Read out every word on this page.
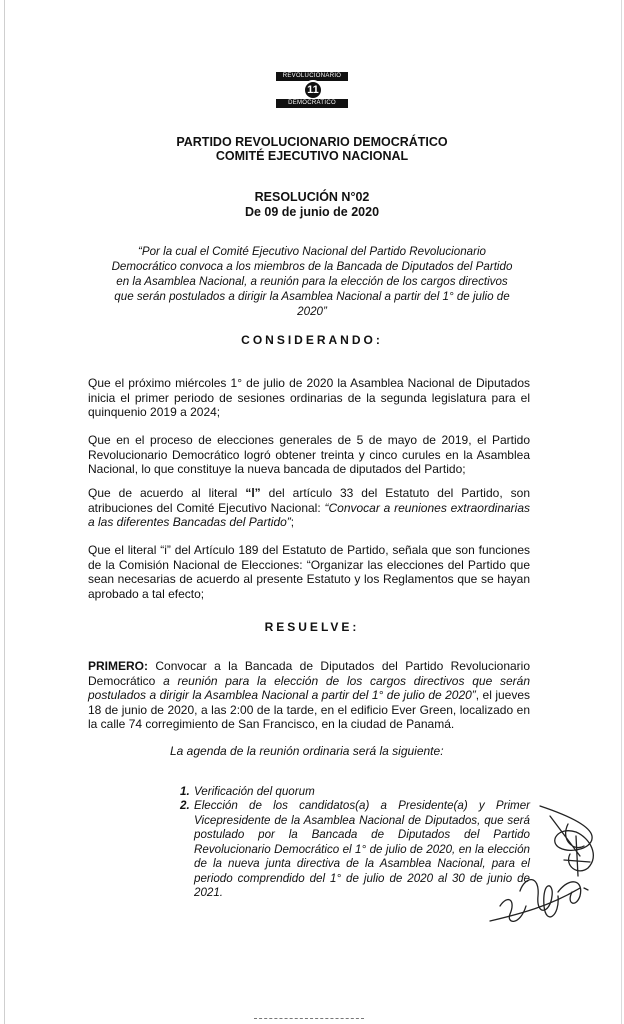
REVOLUCIONARIO
11
DEMOCRATICO
PARTIDO REVOLUCIONARIO DEMOCRÁTICO
COMITÉ EJECUTIVO NACIONAL
RESOLUCIÓN N°02
De 09 de junio de 2020
“Por la cual el Comité Ejecutivo Nacional del Partido Revolucionario Democrático convoca a los miembros de la Bancada de Diputados del Partido en la Asamblea Nacional, a reunión para la elección de los cargos directivos que serán postulados a dirigir la Asamblea Nacional a partir del 1° de julio de 2020”
CONSIDERANDO:
Que el próximo miércoles 1° de julio de 2020 la Asamblea Nacional de Diputados inicia el primer periodo de sesiones ordinarias de la segunda legislatura para el quinquenio 2019 a 2024;
Que en el proceso de elecciones generales de 5 de mayo de 2019, el Partido Revolucionario Democrático logró obtener treinta y cinco curules en la Asamblea Nacional, lo que constituye la nueva bancada de diputados del Partido;
Que de acuerdo al literal “l” del artículo 33 del Estatuto del Partido, son atribuciones del Comité Ejecutivo Nacional: “Convocar a reuniones extraordinarias a las diferentes Bancadas del Partido”;
Que el literal “i” del Artículo 189 del Estatuto de Partido, señala que son funciones de la Comisión Nacional de Elecciones: “Organizar las elecciones del Partido que sean necesarias de acuerdo al presente Estatuto y los Reglamentos que se hayan aprobado a tal efecto;
RESUELVE:
PRIMERO: Convocar a la Bancada de Diputados del Partido Revolucionario Democrático a reunión para la elección de los cargos directivos que serán postulados a dirigir la Asamblea Nacional a partir del 1° de julio de 2020”, el jueves 18 de junio de 2020, a las 2:00 de la tarde, en el edificio Ever Green, localizado en la calle 74 corregimiento de San Francisco, en la ciudad de Panamá.
La agenda de la reunión ordinaria será la siguiente:
1. Verificación del quorum
2. Elección de los candidatos(a) a Presidente(a) y Primer Vicepresidente de la Asamblea Nacional de Diputados, que será postulado por la Bancada de Diputados del Partido Revolucionario Democrático el 1° de julio de 2020, en la elección de la nueva junta directiva de la Asamblea Nacional, para el periodo comprendido del 1° de julio de 2020 al 30 de junio de 2021.
